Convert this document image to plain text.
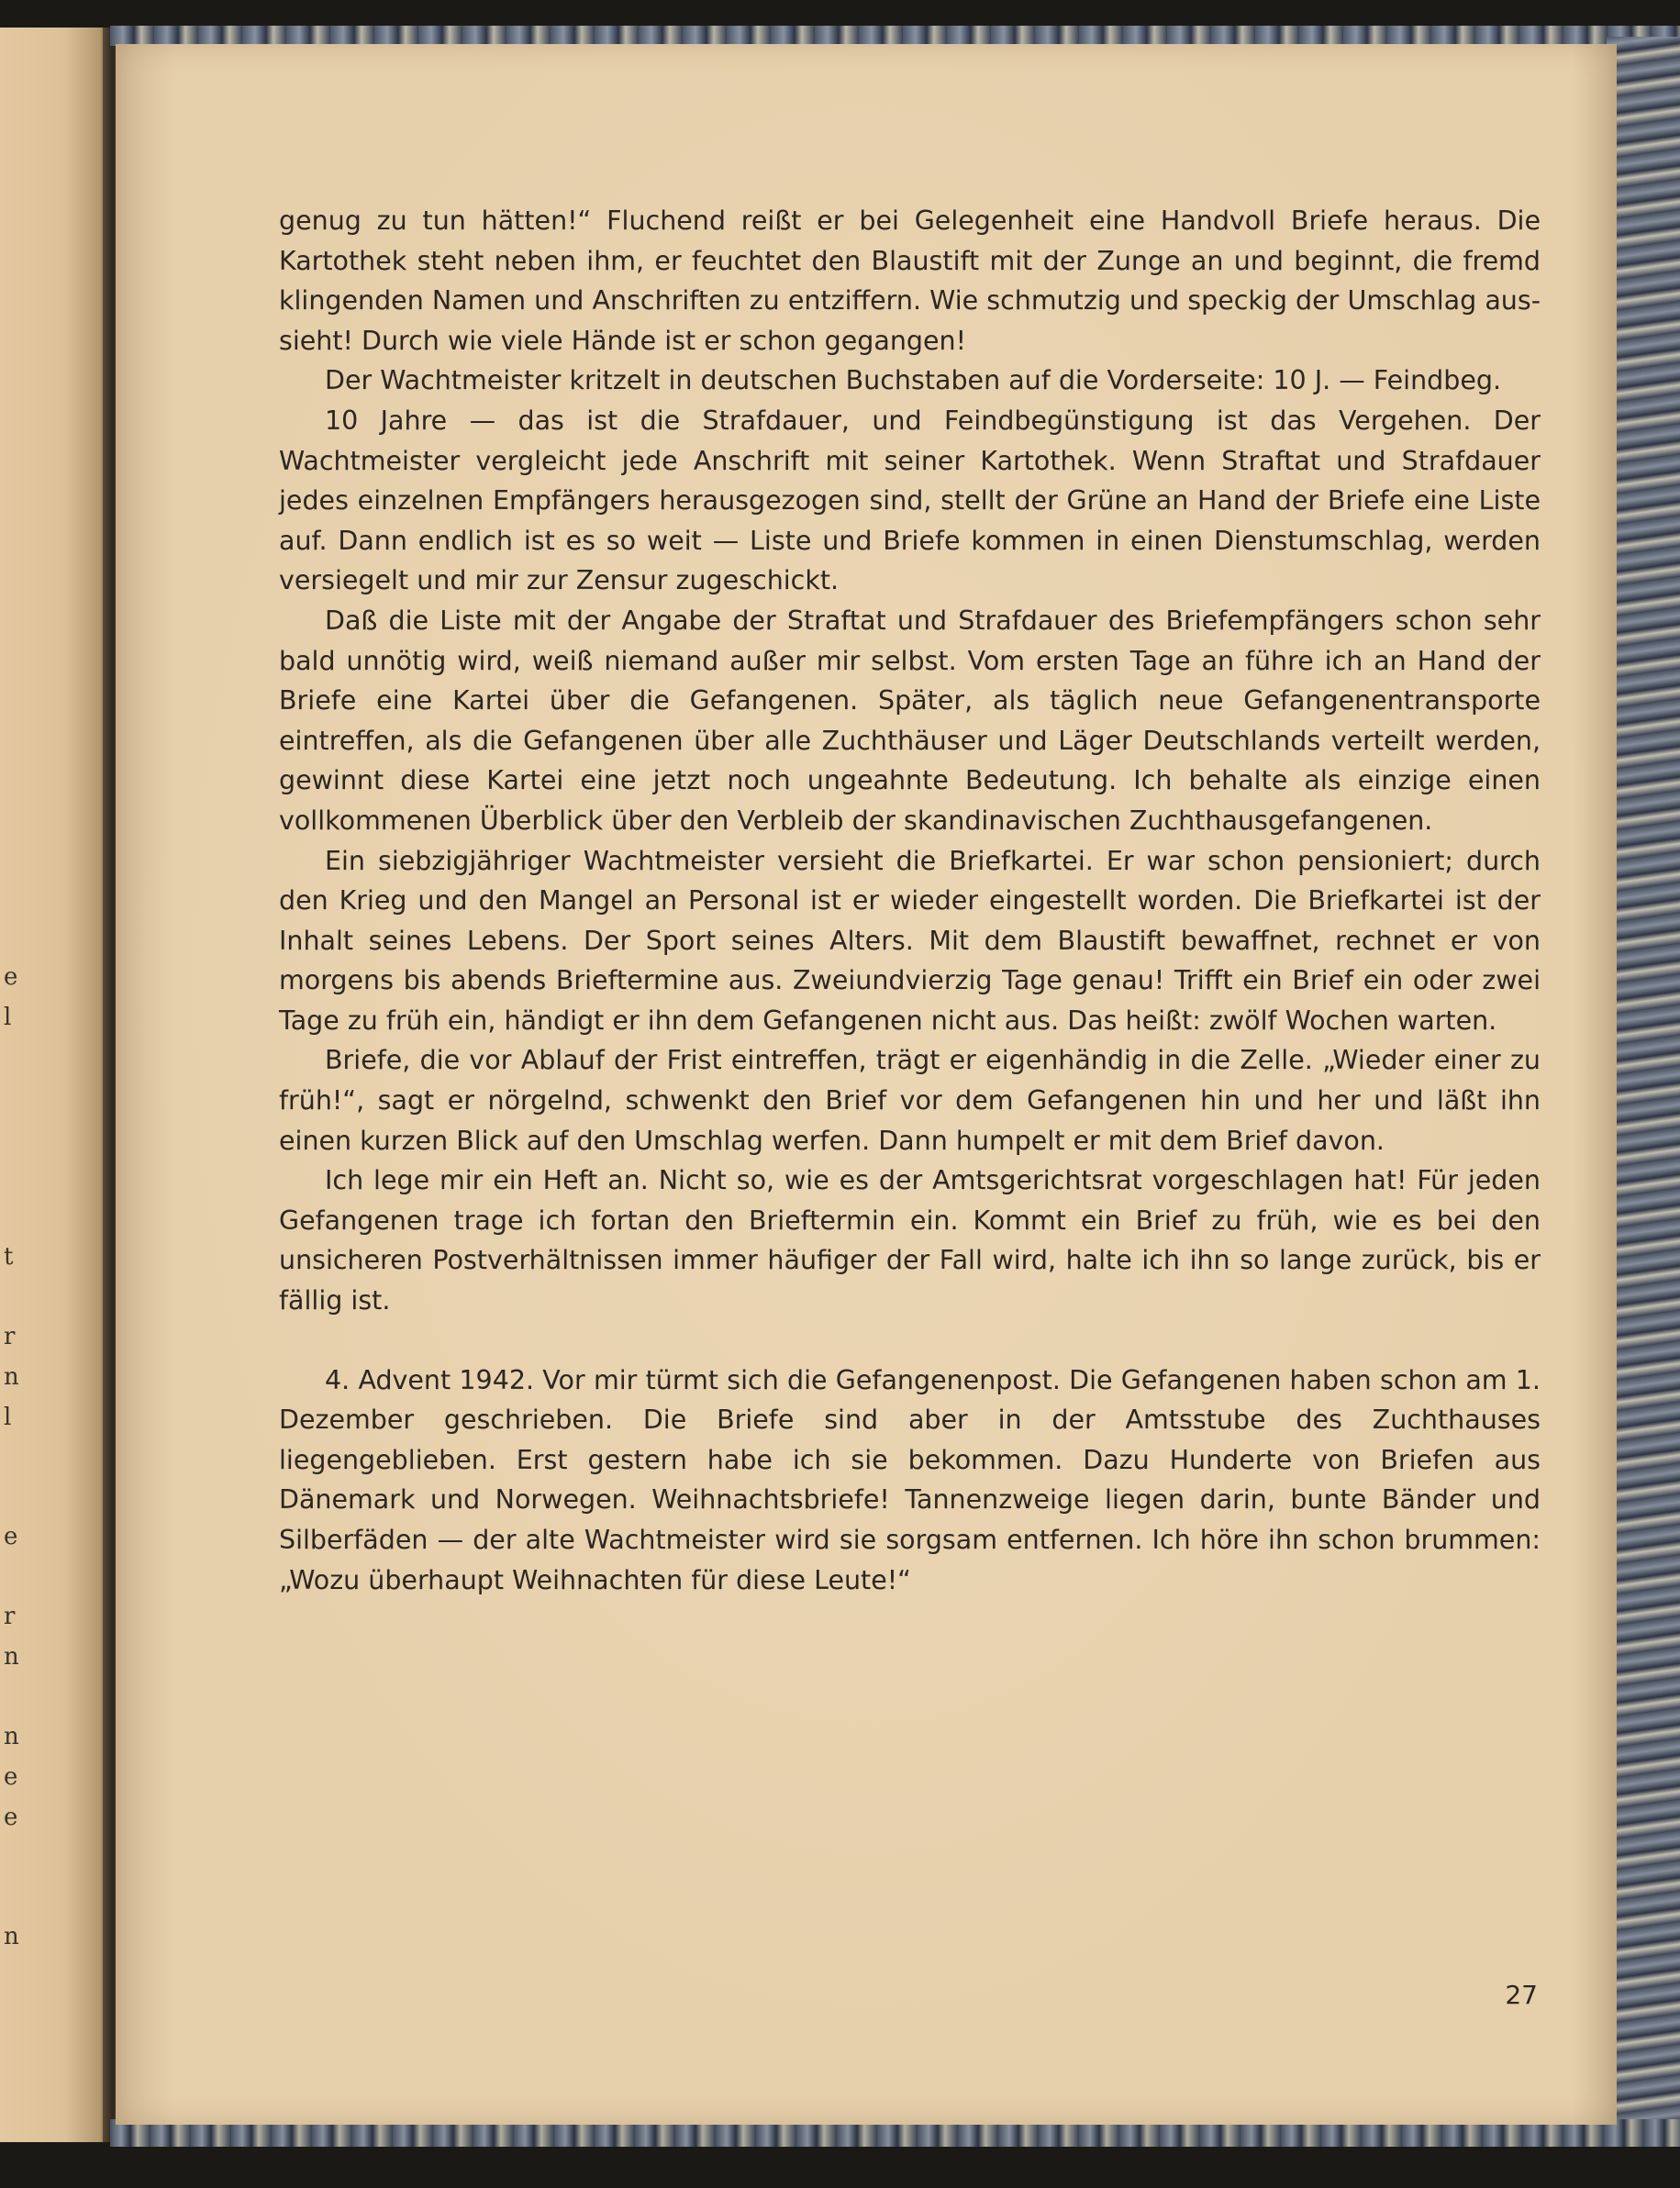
e
l
t
r
n
l
e
r
n
n
e
e
n

genug zu tun hätten!“ Fluchend reißt er bei Gelegenheit eine Handvoll Briefe heraus. Die Kartothek steht neben ihm, er feuchtet den Blaustift mit der Zunge an und beginnt, die fremd klingenden Namen und Anschriften zu entziffern. Wie schmutzig und speckig der Umschlag aussieht! Durch wie viele Hände ist er schon gegangen!

Der Wachtmeister kritzelt in deutschen Buchstaben auf die Vorderseite: 10 J. — Feindbeg.

10 Jahre — das ist die Strafdauer, und Feindbegünstigung ist das Vergehen. Der Wachtmeister vergleicht jede Anschrift mit seiner Kartothek. Wenn Straftat und Strafdauer jedes einzelnen Empfängers herausgezogen sind, stellt der Grüne an Hand der Briefe eine Liste auf. Dann endlich ist es so weit — Liste und Briefe kommen in einen Dienstumschlag, werden versiegelt und mir zur Zensur zugeschickt.

Daß die Liste mit der Angabe der Straftat und Strafdauer des Briefempfängers schon sehr bald unnötig wird, weiß niemand außer mir selbst. Vom ersten Tage an führe ich an Hand der Briefe eine Kartei über die Gefangenen. Später, als täglich neue Gefangenentransporte eintreffen, als die Gefangenen über alle Zuchthäuser und Läger Deutschlands verteilt werden, gewinnt diese Kartei eine jetzt noch ungeahnte Bedeutung. Ich behalte als einzige einen vollkommenen Überblick über den Verbleib der skandinavischen Zuchthausgefangenen.

Ein siebzigjähriger Wachtmeister versieht die Briefkartei. Er war schon pensioniert; durch den Krieg und den Mangel an Personal ist er wieder eingestellt worden. Die Briefkartei ist der Inhalt seines Lebens. Der Sport seines Alters. Mit dem Blaustift bewaffnet, rechnet er von morgens bis abends Brieftermine aus. Zweiundvierzig Tage genau! Trifft ein Brief ein oder zwei Tage zu früh ein, händigt er ihn dem Gefangenen nicht aus. Das heißt: zwölf Wochen warten.

Briefe, die vor Ablauf der Frist eintreffen, trägt er eigenhändig in die Zelle. „Wieder einer zu früh!“, sagt er nörgelnd, schwenkt den Brief vor dem Gefangenen hin und her und läßt ihn einen kurzen Blick auf den Umschlag werfen. Dann humpelt er mit dem Brief davon.

Ich lege mir ein Heft an. Nicht so, wie es der Amtsgerichtsrat vorgeschlagen hat! Für jeden Gefangenen trage ich fortan den Brieftermin ein. Kommt ein Brief zu früh, wie es bei den unsicheren Postverhältnissen immer häufiger der Fall wird, halte ich ihn so lange zurück, bis er fällig ist.

4. Advent 1942. Vor mir türmt sich die Gefangenenpost. Die Gefangenen haben schon am 1. Dezember geschrieben. Die Briefe sind aber in der Amtsstube des Zuchthauses liegengeblieben. Erst gestern habe ich sie bekommen. Dazu Hunderte von Briefen aus Dänemark und Norwegen. Weihnachtsbriefe! Tannenzweige liegen darin, bunte Bänder und Silberfäden — der alte Wachtmeister wird sie sorgsam entfernen. Ich höre ihn schon brummen: „Wozu überhaupt Weihnachten für diese Leute!“

27
